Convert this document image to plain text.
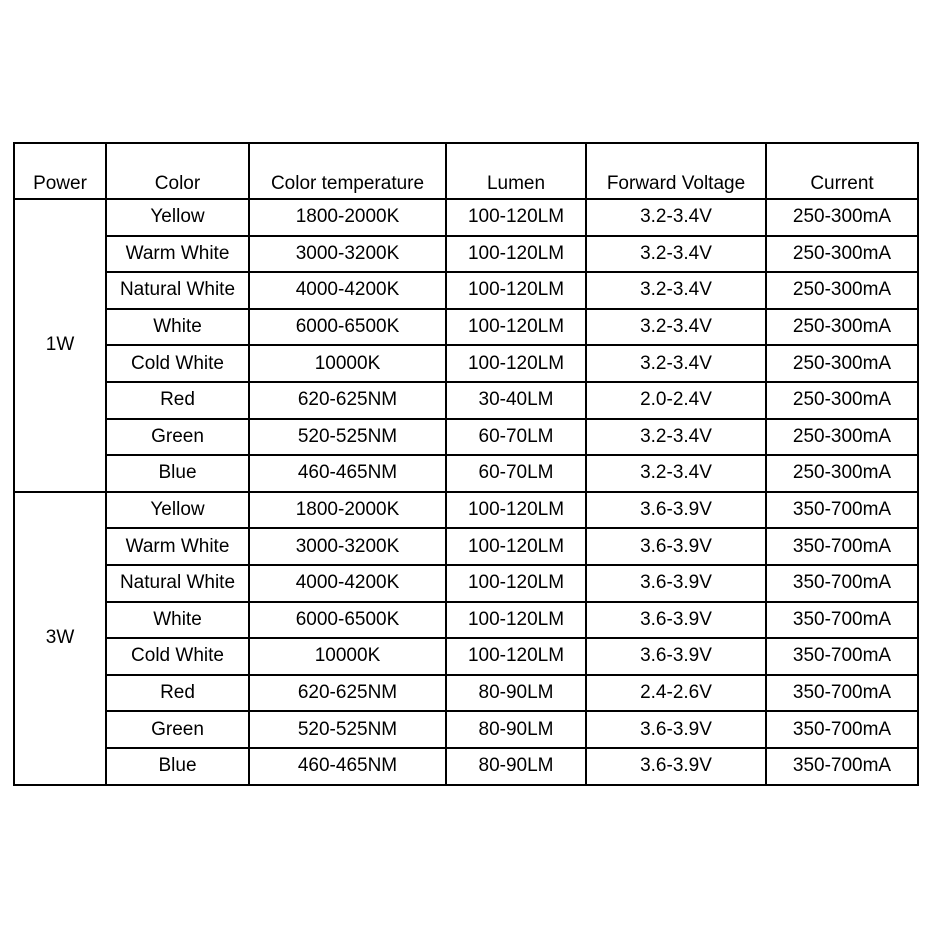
Power	Color	Color temperature	Lumen	Forward Voltage	Current
1W	Yellow	1800-2000K	100-120LM	3.2-3.4V	250-300mA
	Warm White	3000-3200K	100-120LM	3.2-3.4V	250-300mA
	Natural White	4000-4200K	100-120LM	3.2-3.4V	250-300mA
	White	6000-6500K	100-120LM	3.2-3.4V	250-300mA
	Cold White	10000K	100-120LM	3.2-3.4V	250-300mA
	Red	620-625NM	30-40LM	2.0-2.4V	250-300mA
	Green	520-525NM	60-70LM	3.2-3.4V	250-300mA
	Blue	460-465NM	60-70LM	3.2-3.4V	250-300mA
3W	Yellow	1800-2000K	100-120LM	3.6-3.9V	350-700mA
	Warm White	3000-3200K	100-120LM	3.6-3.9V	350-700mA
	Natural White	4000-4200K	100-120LM	3.6-3.9V	350-700mA
	White	6000-6500K	100-120LM	3.6-3.9V	350-700mA
	Cold White	10000K	100-120LM	3.6-3.9V	350-700mA
	Red	620-625NM	80-90LM	2.4-2.6V	350-700mA
	Green	520-525NM	80-90LM	3.6-3.9V	350-700mA
	Blue	460-465NM	80-90LM	3.6-3.9V	350-700mA
